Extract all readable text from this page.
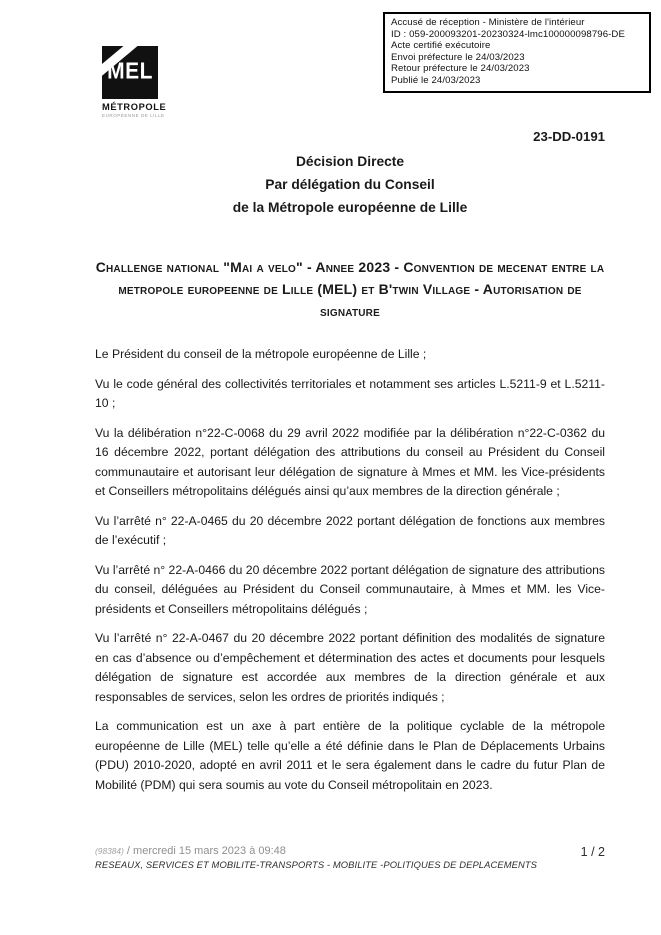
Accusé de réception - Ministère de l'intérieur
ID : 059-200093201-20230324-lmc100000098796-DE
Acte certifié exécutoire
Envoi préfecture le 24/03/2023
Retour préfecture le 24/03/2023
Publié le 24/03/2023
MEL
MÉTROPOLE
EUROPÉENNE DE LILLE
23-DD-0191
Décision Directe
Par délégation du Conseil
de la Métropole européenne de Lille
Challenge national "Mai a velo" - Annee 2023 - Convention de mecenat entre la metropole europeenne de Lille (MEL) et B'twin Village - Autorisation de signature

Le Président du conseil de la métropole européenne de Lille ;

Vu le code général des collectivités territoriales et notamment ses articles L.5211-9 et L.5211-10 ;

Vu la délibération n°22-C-0068 du 29 avril 2022 modifiée par la délibération n°22-C-0362 du 16 décembre 2022, portant délégation des attributions du conseil au Président du Conseil communautaire et autorisant leur délégation de signature à Mmes et MM. les Vice-présidents et Conseillers métropolitains délégués ainsi qu’aux membres de la direction générale ;

Vu l’arrêté n° 22-A-0465 du 20 décembre 2022 portant délégation de fonctions aux membres de l’exécutif ;

Vu l’arrêté n° 22-A-0466 du 20 décembre 2022 portant délégation de signature des attributions du conseil, déléguées au Président du Conseil communautaire, à Mmes et MM. les Vice-présidents et Conseillers métropolitains délégués ;

Vu l’arrêté n° 22-A-0467 du 20 décembre 2022 portant définition des modalités de signature en cas d’absence ou d’empêchement et détermination des actes et documents pour lesquels délégation de signature est accordée aux membres de la direction générale et aux responsables de services, selon les ordres de priorités indiqués ;

La communication est un axe à part entière de la politique cyclable de la métropole européenne de Lille (MEL) telle qu’elle a été définie dans le Plan de Déplacements Urbains (PDU) 2010-2020, adopté en avril 2011 et le sera également dans le cadre du futur Plan de Mobilité (PDM) qui sera soumis au vote du Conseil métropolitain en 2023.

(98384) / mercredi 15 mars 2023 à 09:48
RESEAUX, SERVICES ET MOBILITE-TRANSPORTS - MOBILITE -POLITIQUES DE DEPLACEMENTS
1 / 2
